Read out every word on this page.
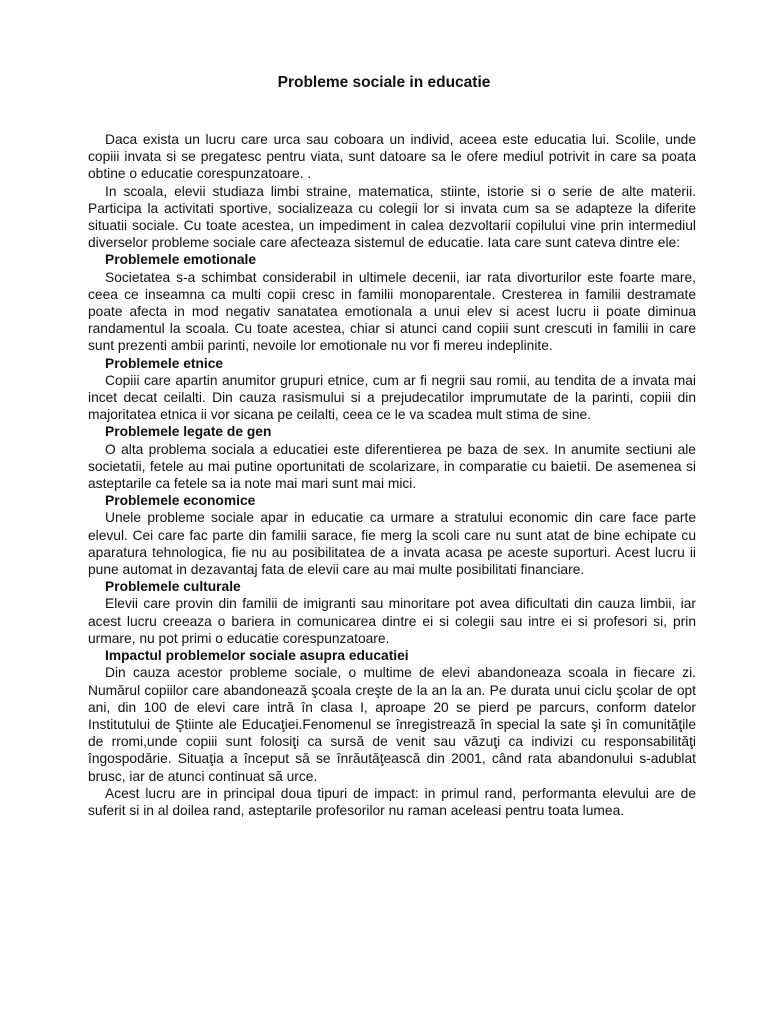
Probleme sociale in educatie

Daca exista un lucru care urca sau coboara un individ, aceea este educatia lui. Scolile, unde copiii invata si se pregatesc pentru viata, sunt datoare sa le ofere mediul potrivit in care sa poata obtine o educatie corespunzatoare. .

In scoala, elevii studiaza limbi straine, matematica, stiinte, istorie si o serie de alte materii. Participa la activitati sportive, socializeaza cu colegii lor si invata cum sa se adapteze la diferite situatii sociale. Cu toate acestea, un impediment in calea dezvoltarii copilului vine prin intermediul diverselor probleme sociale care afecteaza sistemul de educatie. Iata care sunt cateva dintre ele:

Problemele emotionale

Societatea s-a schimbat considerabil in ultimele decenii, iar rata divorturilor este foarte mare, ceea ce inseamna ca multi copii cresc in familii monoparentale. Cresterea in familii destramate poate afecta in mod negativ sanatatea emotionala a unui elev si acest lucru ii poate diminua randamentul la scoala. Cu toate acestea, chiar si atunci cand copiii sunt crescuti in familii in care sunt prezenti ambii parinti, nevoile lor emotionale nu vor fi mereu indeplinite.

Problemele etnice

Copiii care apartin anumitor grupuri etnice, cum ar fi negrii sau romii, au tendita de a invata mai incet decat ceilalti. Din cauza rasismului si a prejudecatilor imprumutate de la parinti, copiii din majoritatea etnica ii vor sicana pe ceilalti, ceea ce le va scadea mult stima de sine.

Problemele legate de gen

O alta problema sociala a educatiei este diferentierea pe baza de sex. In anumite sectiuni ale societatii, fetele au mai putine oportunitati de scolarizare, in comparatie cu baietii. De asemenea si asteptarile ca fetele sa ia note mai mari sunt mai mici.

Problemele economice

Unele probleme sociale apar in educatie ca urmare a stratului economic din care face parte elevul. Cei care fac parte din familii sarace, fie merg la scoli care nu sunt atat de bine echipate cu aparatura tehnologica, fie nu au posibilitatea de a invata acasa pe aceste suporturi. Acest lucru ii pune automat in dezavantaj fata de elevii care au mai multe posibilitati financiare.

Problemele culturale

Elevii care provin din familii de imigranti sau minoritare pot avea dificultati din cauza limbii, iar acest lucru creeaza o bariera in comunicarea dintre ei si colegii sau intre ei si profesori si, prin urmare, nu pot primi o educatie corespunzatoare.

Impactul problemelor sociale asupra educatiei

Din cauza acestor probleme sociale, o multime de elevi abandoneaza scoala in fiecare zi. Numărul copiilor care abandonează şcoala creşte de la an la an. Pe durata unui ciclu şcolar de opt ani, din 100 de elevi care intră în clasa I, aproape 20 se pierd pe parcurs, conform datelor Institutului de Ştiinte ale Educaţiei.Fenomenul se înregistrează în special la sate şi în comunităţile de rromi,unde copiii sunt folosiţi ca sursă de venit sau văzuţi ca indivizi cu responsabilităţi îngospodărie. Situaţia a început să se înrăutăţească din 2001, când rata abandonului s-adublat brusc, iar de atunci continuat să urce.

Acest lucru are in principal doua tipuri de impact: in primul rand, performanta elevului are de suferit si in al doilea rand, asteptarile profesorilor nu raman aceleasi pentru toata lumea.
